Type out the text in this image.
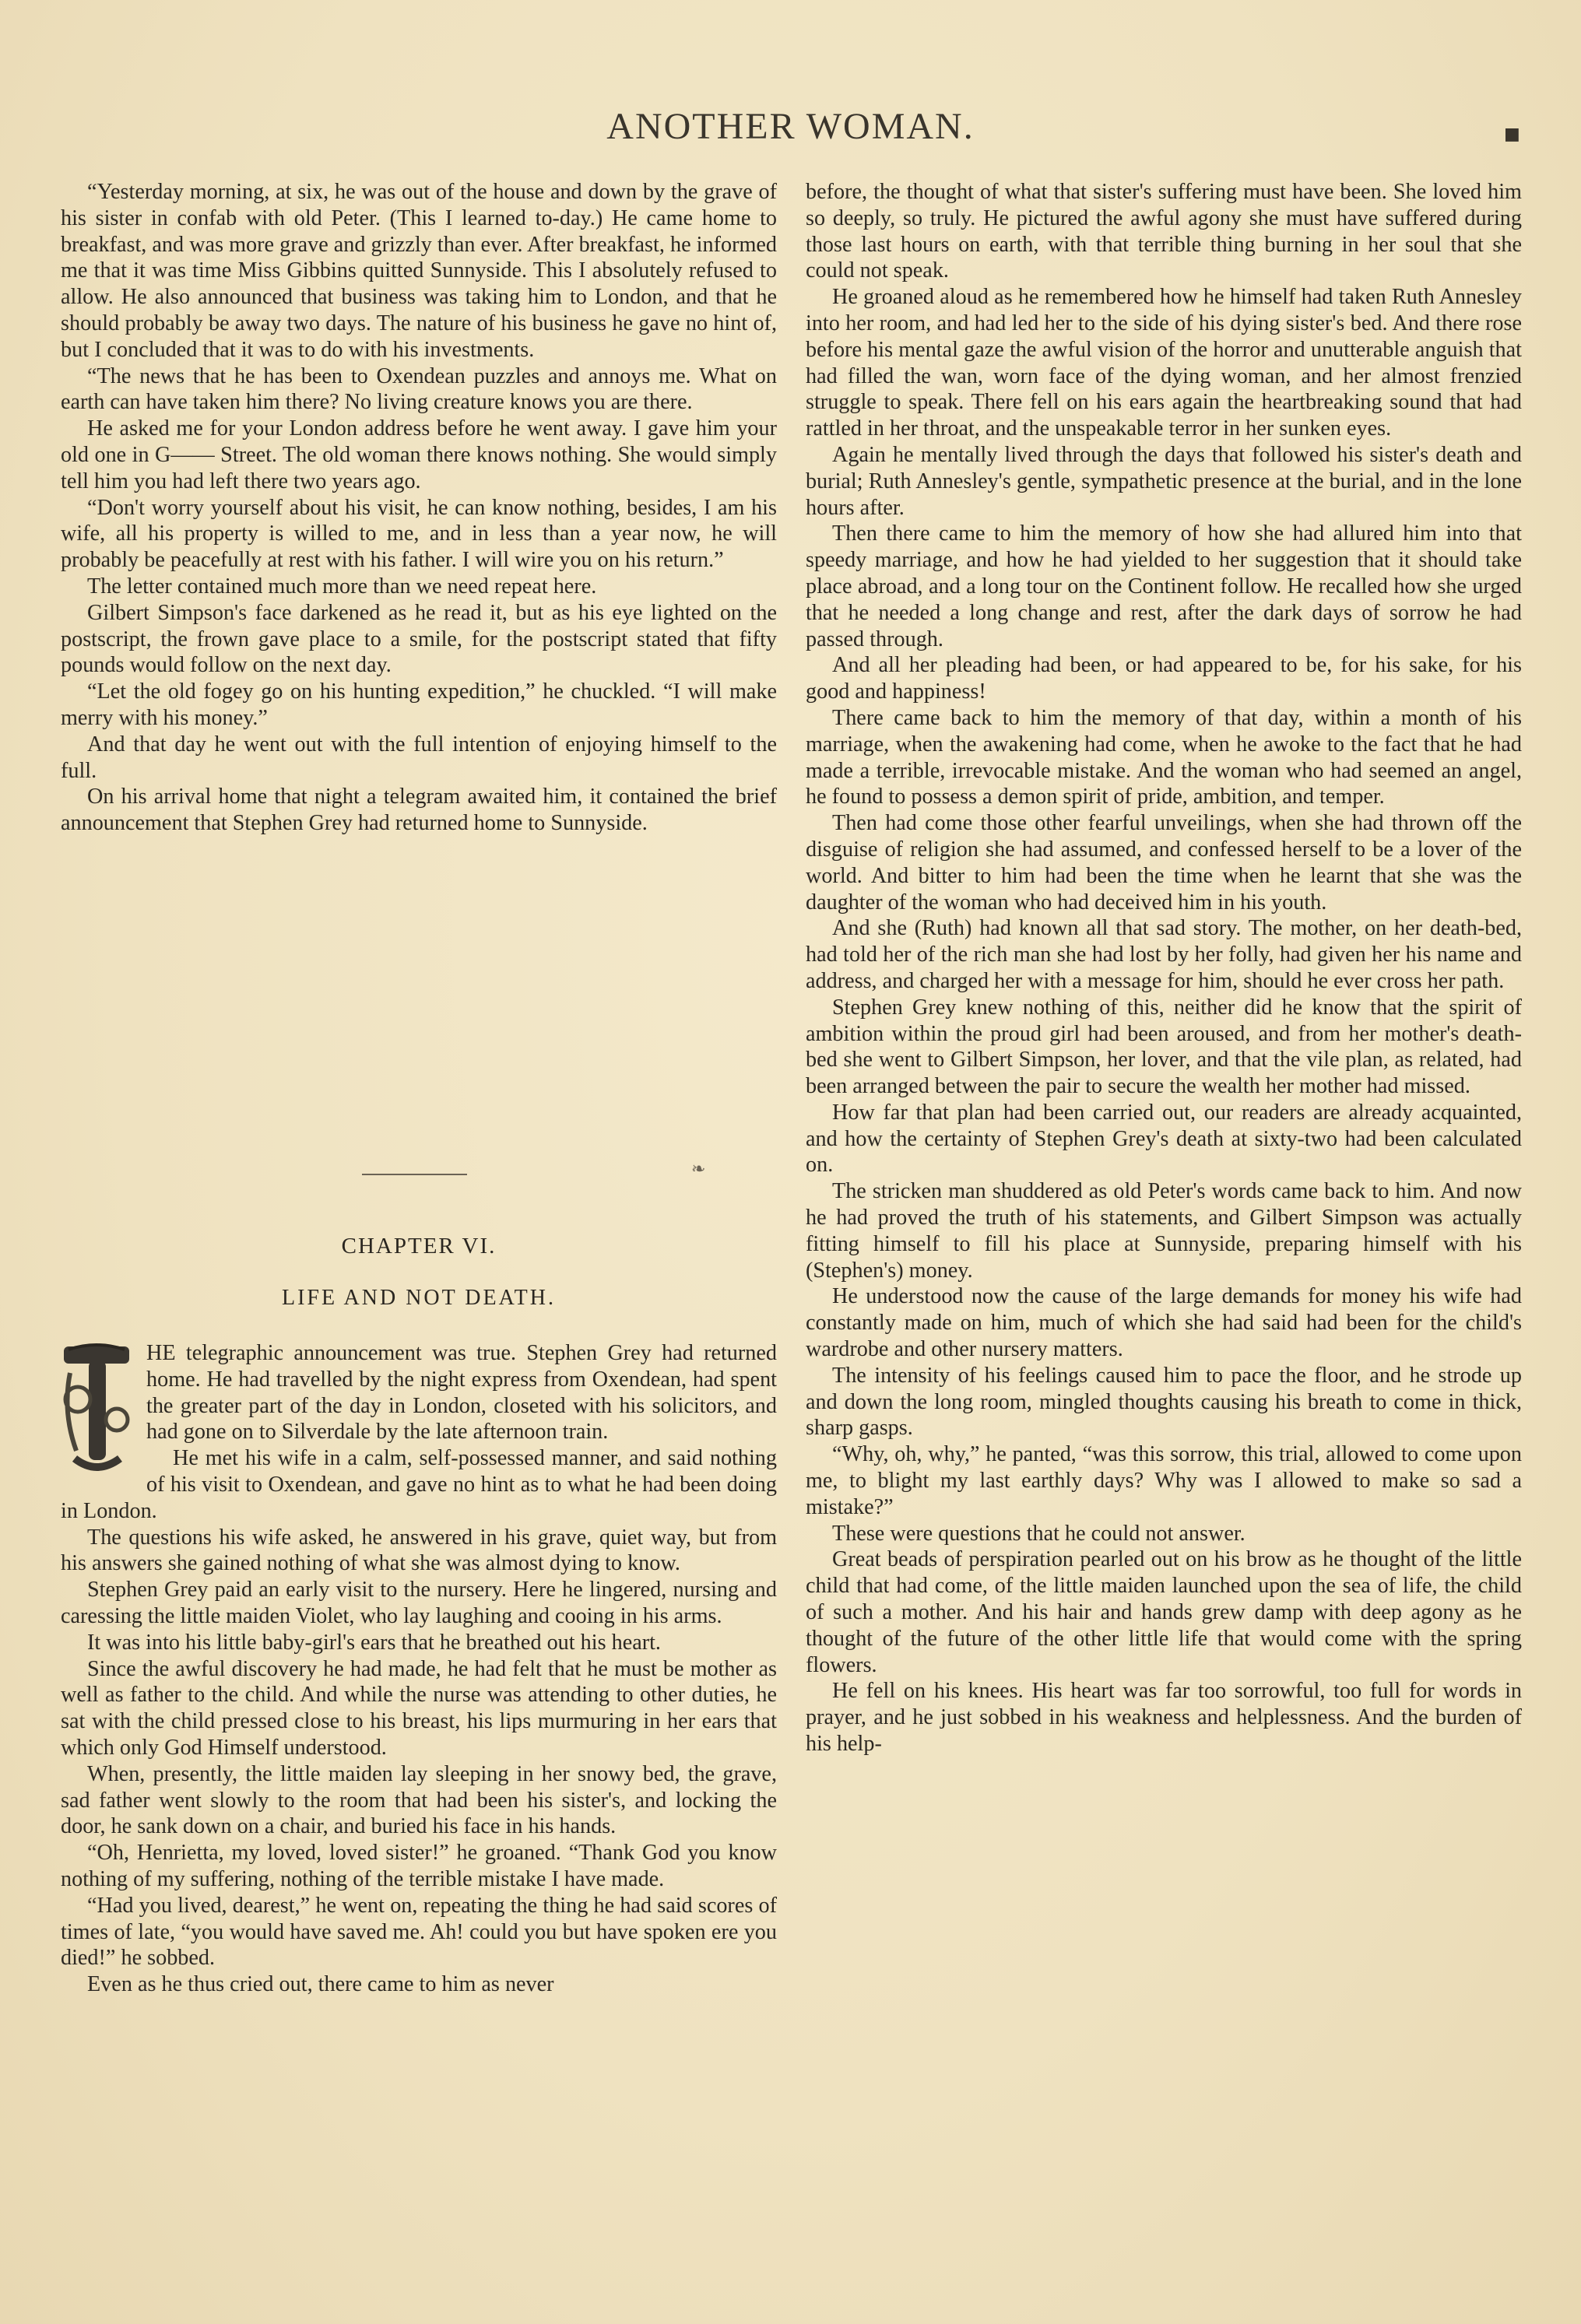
ANOTHER WOMAN.	■

“Yesterday morning, at six, he was out of the house and down by the grave of his sister in confab with old Peter. (This I learned to-day.) He came home to breakfast, and was more grave and grizzly than ever. After breakfast, he informed me that it was time Miss Gibbins quitted Sunnyside. This I absolutely refused to allow. He also announced that business was taking him to London, and that he should probably be away two days. The nature of his business he gave no hint of, but I concluded that it was to do with his investments.

“The news that he has been to Oxendean puzzles and annoys me. What on earth can have taken him there? No living creature knows you are there.

He asked me for your London address before he went away. I gave him your old one in G—— Street. The old woman there knows nothing. She would simply tell him you had left there two years ago.

“Don't worry yourself about his visit, he can know nothing, besides, I am his wife, all his property is willed to me, and in less than a year now, he will probably be peacefully at rest with his father. I will wire you on his return.”

The letter contained much more than we need repeat here.

Gilbert Simpson's face darkened as he read it, but as his eye lighted on the postscript, the frown gave place to a smile, for the postscript stated that fifty pounds would follow on the next day.

“Let the old fogey go on his hunting expedition,” he chuckled. “I will make merry with his money.”

And that day he went out with the full intention of enjoying himself to the full.

On his arrival home that night a telegram awaited him, it contained the brief announcement that Stephen Grey had returned home to Sunnyside.

❧
CHAPTER VI.
LIFE AND NOT DEATH.

HE telegraphic announcement was true. Stephen Grey had returned home. He had travelled by the night express from Oxendean, had spent the greater part of the day in London, closeted with his solicitors, and had gone on to Silverdale by the late afternoon train.

He met his wife in a calm, self-possessed manner, and said nothing of his visit to Oxendean, and gave no hint as to what he had been doing in London.

The questions his wife asked, he answered in his grave, quiet way, but from his answers she gained nothing of what she was almost dying to know.

Stephen Grey paid an early visit to the nursery. Here he lingered, nursing and caressing the little maiden Violet, who lay laughing and cooing in his arms.

It was into his little baby-girl's ears that he breathed out his heart.

Since the awful discovery he had made, he had felt that he must be mother as well as father to the child. And while the nurse was attending to other duties, he sat with the child pressed close to his breast, his lips murmuring in her ears that which only God Himself understood.

When, presently, the little maiden lay sleeping in her snowy bed, the grave, sad father went slowly to the room that had been his sister's, and locking the door, he sank down on a chair, and buried his face in his hands.

“Oh, Henrietta, my loved, loved sister!” he groaned. “Thank God you know nothing of my suffering, nothing of the terrible mistake I have made.

“Had you lived, dearest,” he went on, repeating the thing he had said scores of times of late, “you would have saved me. Ah! could you but have spoken ere you died!” he sobbed.

Even as he thus cried out, there came to him as never

before, the thought of what that sister's suffering must have been. She loved him so deeply, so truly. He pictured the awful agony she must have suffered during those last hours on earth, with that terrible thing burning in her soul that she could not speak.

He groaned aloud as he remembered how he himself had taken Ruth Annesley into her room, and had led her to the side of his dying sister's bed. And there rose before his mental gaze the awful vision of the horror and unutterable anguish that had filled the wan, worn face of the dying woman, and her almost frenzied struggle to speak. There fell on his ears again the heartbreaking sound that had rattled in her throat, and the unspeakable terror in her sunken eyes.

Again he mentally lived through the days that followed his sister's death and burial; Ruth Annesley's gentle, sympathetic presence at the burial, and in the lone hours after.

Then there came to him the memory of how she had allured him into that speedy marriage, and how he had yielded to her suggestion that it should take place abroad, and a long tour on the Continent follow. He recalled how she urged that he needed a long change and rest, after the dark days of sorrow he had passed through.

And all her pleading had been, or had appeared to be, for his sake, for his good and happiness!

There came back to him the memory of that day, within a month of his marriage, when the awakening had come, when he awoke to the fact that he had made a terrible, irrevocable mistake. And the woman who had seemed an angel, he found to possess a demon spirit of pride, ambition, and temper.

Then had come those other fearful unveilings, when she had thrown off the disguise of religion she had assumed, and confessed herself to be a lover of the world. And bitter to him had been the time when he learnt that she was the daughter of the woman who had deceived him in his youth.

And she (Ruth) had known all that sad story. The mother, on her death-bed, had told her of the rich man she had lost by her folly, had given her his name and address, and charged her with a message for him, should he ever cross her path.

Stephen Grey knew nothing of this, neither did he know that the spirit of ambition within the proud girl had been aroused, and from her mother's death-bed she went to Gilbert Simpson, her lover, and that the vile plan, as related, had been arranged between the pair to secure the wealth her mother had missed.

How far that plan had been carried out, our readers are already acquainted, and how the certainty of Stephen Grey's death at sixty-two had been calculated on.

The stricken man shuddered as old Peter's words came back to him. And now he had proved the truth of his statements, and Gilbert Simpson was actually fitting himself to fill his place at Sunnyside, preparing himself with his (Stephen's) money.

He understood now the cause of the large demands for money his wife had constantly made on him, much of which she had said had been for the child's wardrobe and other nursery matters.

The intensity of his feelings caused him to pace the floor, and he strode up and down the long room, mingled thoughts causing his breath to come in thick, sharp gasps.

“Why, oh, why,” he panted, “was this sorrow, this trial, allowed to come upon me, to blight my last earthly days? Why was I allowed to make so sad a mistake?”

These were questions that he could not answer.

Great beads of perspiration pearled out on his brow as he thought of the little child that had come, of the little maiden launched upon the sea of life, the child of such a mother. And his hair and hands grew damp with deep agony as he thought of the future of the other little life that would come with the spring flowers.

He fell on his knees. His heart was far too sorrowful, too full for words in prayer, and he just sobbed in his weakness and helplessness. And the burden of his help-
